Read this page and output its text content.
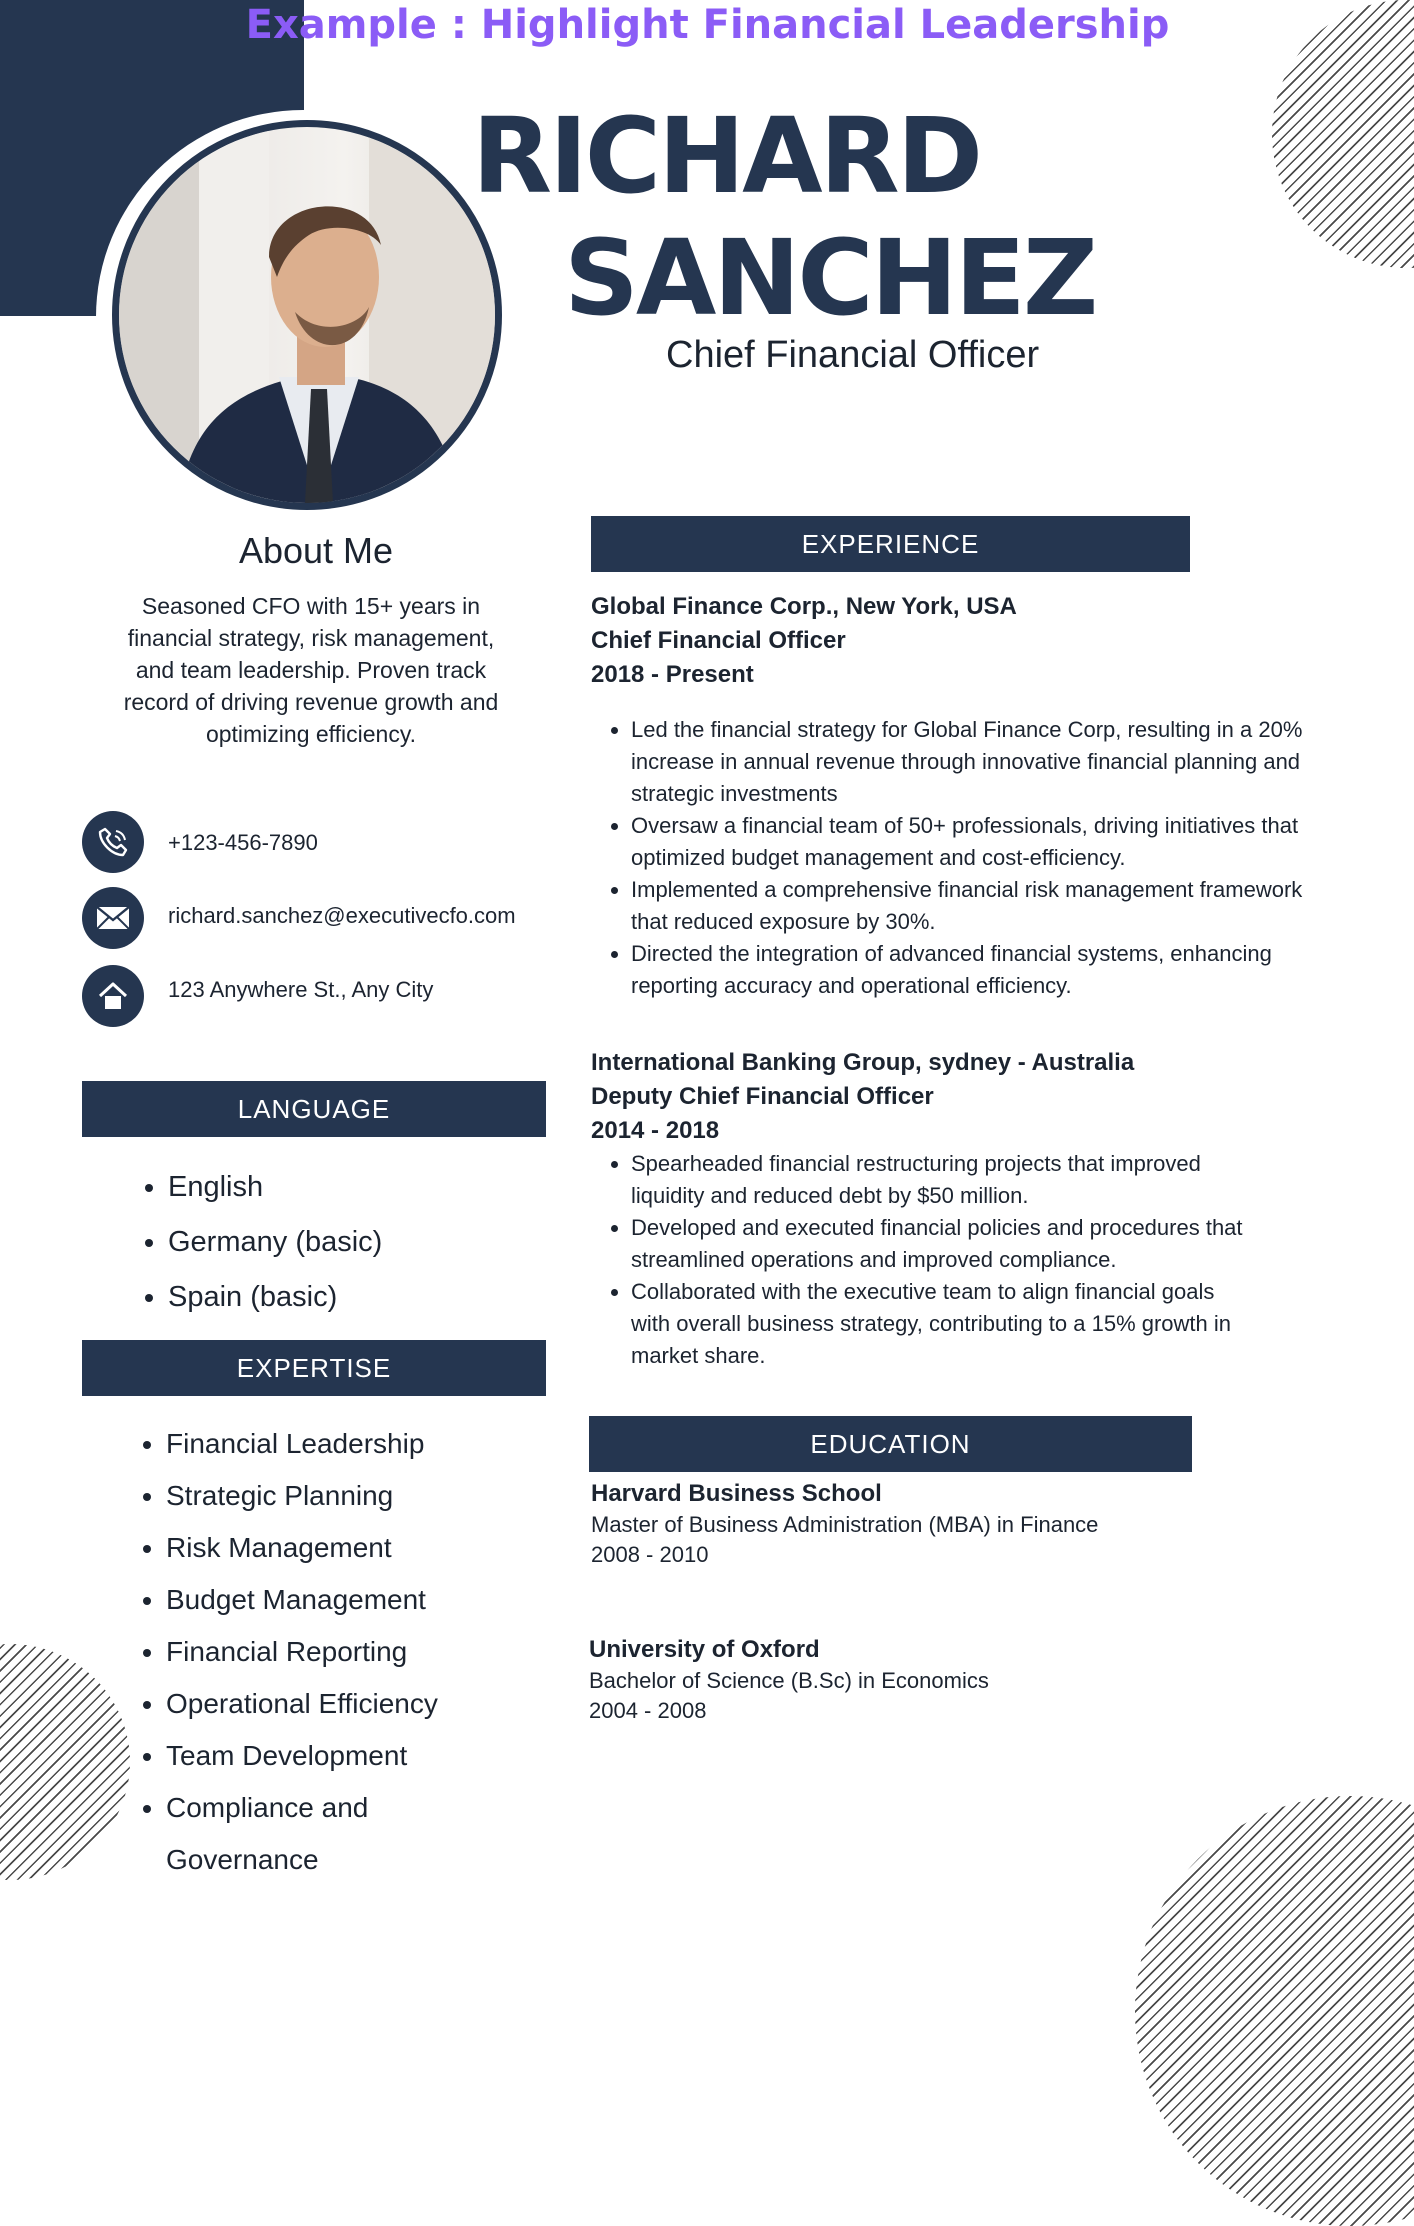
Example : Highlight Financial Leadership
RICHARD
SANCHEZ
Chief Financial Officer
About Me
Seasoned CFO with 15+ years in financial strategy, risk management, and team leadership. Proven track record of driving revenue growth and optimizing efficiency.
+123-456-7890
richard.sanchez@executivecfo.com
123 Anywhere St., Any City
LANGUAGE
• English
• Germany (basic)
• Spain (basic)
EXPERTISE
• Financial Leadership
• Strategic Planning
• Risk Management
• Budget Management
• Financial Reporting
• Operational Efficiency
• Team Development
• Compliance and Governance
EXPERIENCE
Global Finance Corp., New York, USA
Chief Financial Officer
2018 - Present
• Led the financial strategy for Global Finance Corp, resulting in a 20% increase in annual revenue through innovative financial planning and strategic investments
• Oversaw a financial team of 50+ professionals, driving initiatives that optimized budget management and cost-efficiency.
• Implemented a comprehensive financial risk management framework that reduced exposure by 30%.
• Directed the integration of advanced financial systems, enhancing reporting accuracy and operational efficiency.
International Banking Group, sydney - Australia
Deputy Chief Financial Officer
2014 - 2018
• Spearheaded financial restructuring projects that improved liquidity and reduced debt by $50 million.
• Developed and executed financial policies and procedures that streamlined operations and improved compliance.
• Collaborated with the executive team to align financial goals with overall business strategy, contributing to a 15% growth in market share.
EDUCATION
Harvard Business School
Master of Business Administration (MBA) in Finance
2008 - 2010
University of Oxford
Bachelor of Science (B.Sc) in Economics
2004 - 2008
